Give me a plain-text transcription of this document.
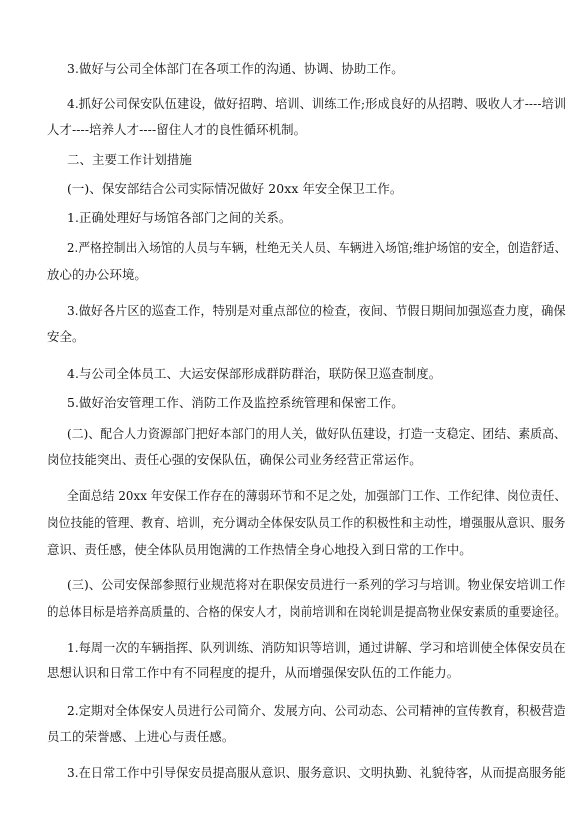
3.做好与公司全体部门在各项工作的沟通、协调、协助工作。
4.抓好公司保安队伍建设，做好招聘、培训、训练工作;形成良好的从招聘、吸收人才----培训
人才----培养人才----留住人才的良性循环机制。
二、主要工作计划措施
(一)、保安部结合公司实际情况做好 20xx 年安全保卫工作。
1.正确处理好与场馆各部门之间的关系。
2.严格控制出入场馆的人员与车辆，杜绝无关人员、车辆进入场馆;维护场馆的安全，创造舒适、
放心的办公环境。
3.做好各片区的巡查工作，特别是对重点部位的检查，夜间、节假日期间加强巡查力度，确保
安全。
4.与公司全体员工、大运安保部形成群防群治，联防保卫巡查制度。
5.做好治安管理工作、消防工作及监控系统管理和保密工作。
(二)、配合人力资源部门把好本部门的用人关，做好队伍建设，打造一支稳定、团结、素质高、
岗位技能突出、责任心强的安保队伍，确保公司业务经营正常运作。
全面总结 20xx 年安保工作存在的薄弱环节和不足之处，加强部门工作、工作纪律、岗位责任、
岗位技能的管理、教育、培训，充分调动全体保安队员工作的积极性和主动性，增强服从意识、服务
意识、责任感，使全体队员用饱满的工作热情全身心地投入到日常的工作中。
(三)、公司安保部参照行业规范将对在职保安员进行一系列的学习与培训。物业保安培训工作
的总体目标是培养高质量的、合格的保安人才，岗前培训和在岗轮训是提高物业保安素质的重要途径。
1.每周一次的车辆指挥、队列训练、消防知识等培训，通过讲解、学习和培训使全体保安员在
思想认识和日常工作中有不同程度的提升，从而增强保安队伍的工作能力。
2.定期对全体保安人员进行公司简介、发展方向、公司动态、公司精神的宣传教育，积极营造
员工的荣誉感、上进心与责任感。
3.在日常工作中引导保安员提高服从意识、服务意识、文明执勤、礼貌待客，从而提高服务能
